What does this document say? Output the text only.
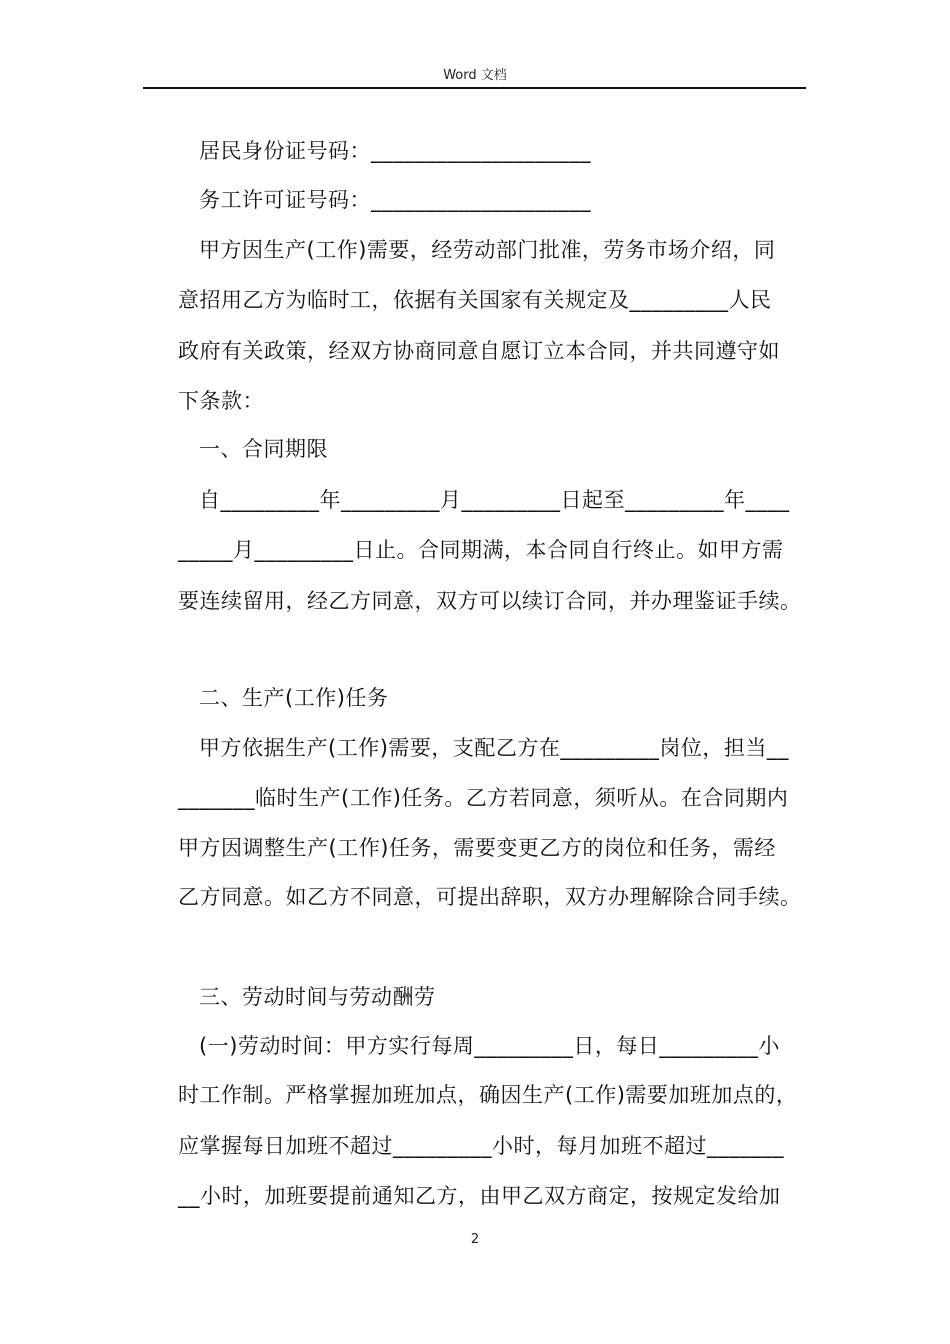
Word 文档
居民身份证号码：____________________
务工许可证号码：____________________
甲方因生产(工作)需要，经劳动部门批准，劳务市场介绍，同
意招用乙方为临时工，依据有关国家有关规定及_________人民
政府有关政策，经双方协商同意自愿订立本合同，并共同遵守如
下条款：
一、合同期限
自_________年_________月_________日起至_________年____
_____月_________日止。合同期满，本合同自行终止。如甲方需
要连续留用，经乙方同意，双方可以续订合同，并办理鉴证手续。
二、生产(工作)任务
甲方依据生产(工作)需要，支配乙方在_________岗位，担当__
_______临时生产(工作)任务。乙方若同意，须听从。在合同期内
甲方因调整生产(工作)任务，需要变更乙方的岗位和任务，需经
乙方同意。如乙方不同意，可提出辞职，双方办理解除合同手续。
三、劳动时间与劳动酬劳
(一)劳动时间：甲方实行每周_________日，每日_________小
时工作制。严格掌握加班加点，确因生产(工作)需要加班加点的，
应掌握每日加班不超过_________小时，每月加班不超过_______
__小时，加班要提前通知乙方，由甲乙双方商定，按规定发给加
2
